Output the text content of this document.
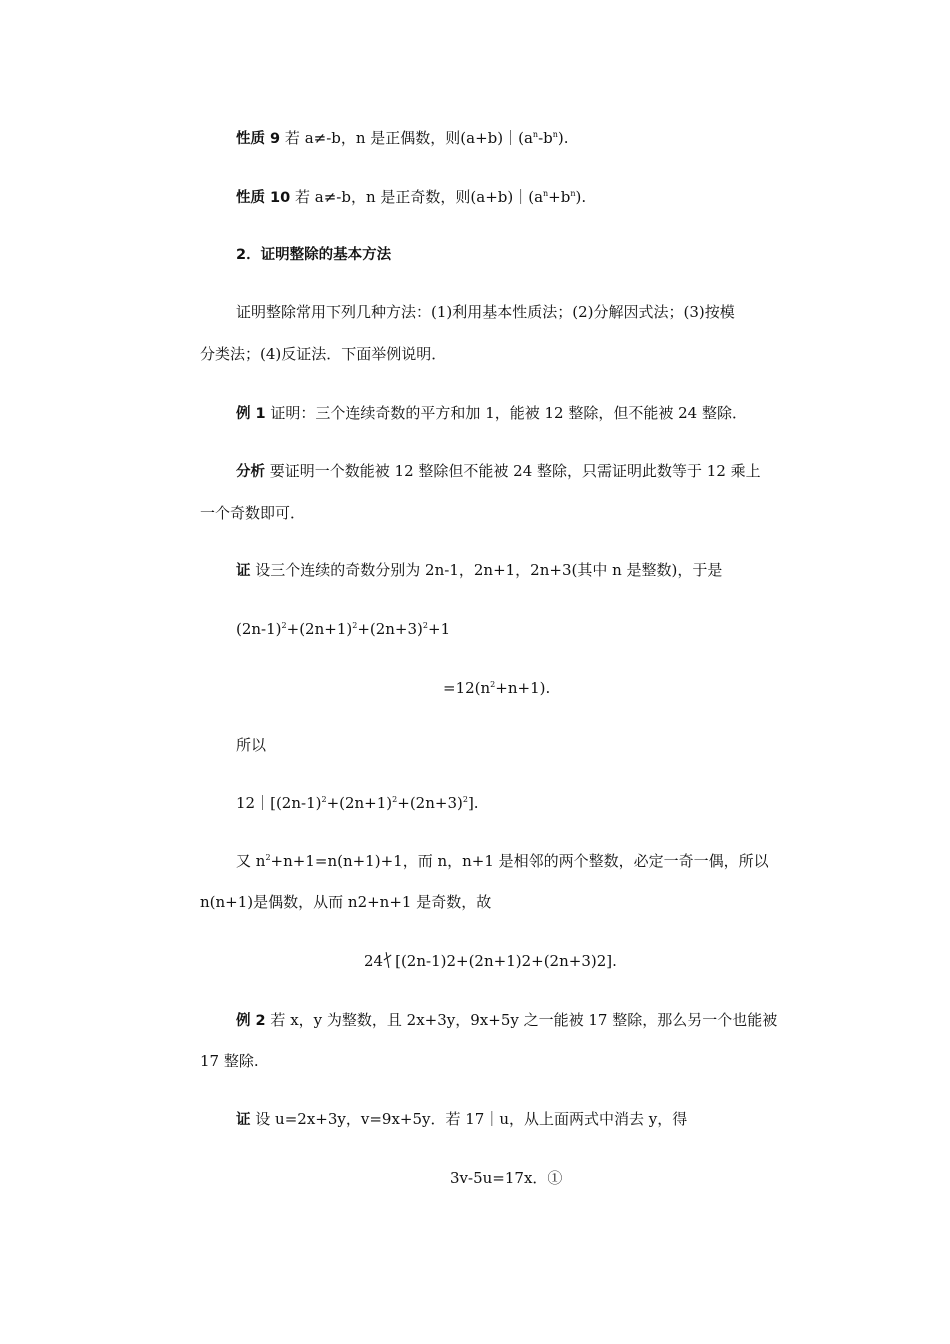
性质 9 若 a≠-b，n 是正偶数，则$(a+b)|(a^n-b^n)$.
性质 10 若 a≠-b，n 是正奇数，则$(a+b)|(a^n+b^n)$.
2．证明整除的基本方法
证明整除常用下列几种方法：(1)利用基本性质法；(2)分解因式法；(3)按模
分类法；(4)反证法．下面举例说明．
例 1 证明：三个连续奇数的平方和加 1，能被 12 整除，但不能被 24 整除．
分析 要证明一个数能被 12 整除但不能被 24 整除，只需证明此数等于 12 乘上
一个奇数即可．
证 设三个连续的奇数分别为 2n-1，2n+1，2n+3(其中 n 是整数)，于是
$(2n-1)^2+(2n+1)^2+(2n+3)^2+1$
$=12(n^2+n+1)$.
所以
$12|[(2n-1)^2+(2n+1)^2+(2n+3)^2]$.
又 $n^2+n+1=n(n+1)+1$，而 n，n+1 是相邻的两个整数，必定一奇一偶，所以
n(n+1)是偶数，从而 n2+n+1 是奇数，故
24 [(2n-1)2+(2n+1)2+(2n+3)2].
例 2 若 x，y 为整数，且 2x+3y，9x+5y 之一能被 17 整除，那么另一个也能被
17 整除.
证 设 u=2x+3y，v=9x+5y．若 17｜u，从上面两式中消去 y，得
3v-5u=17x．①
